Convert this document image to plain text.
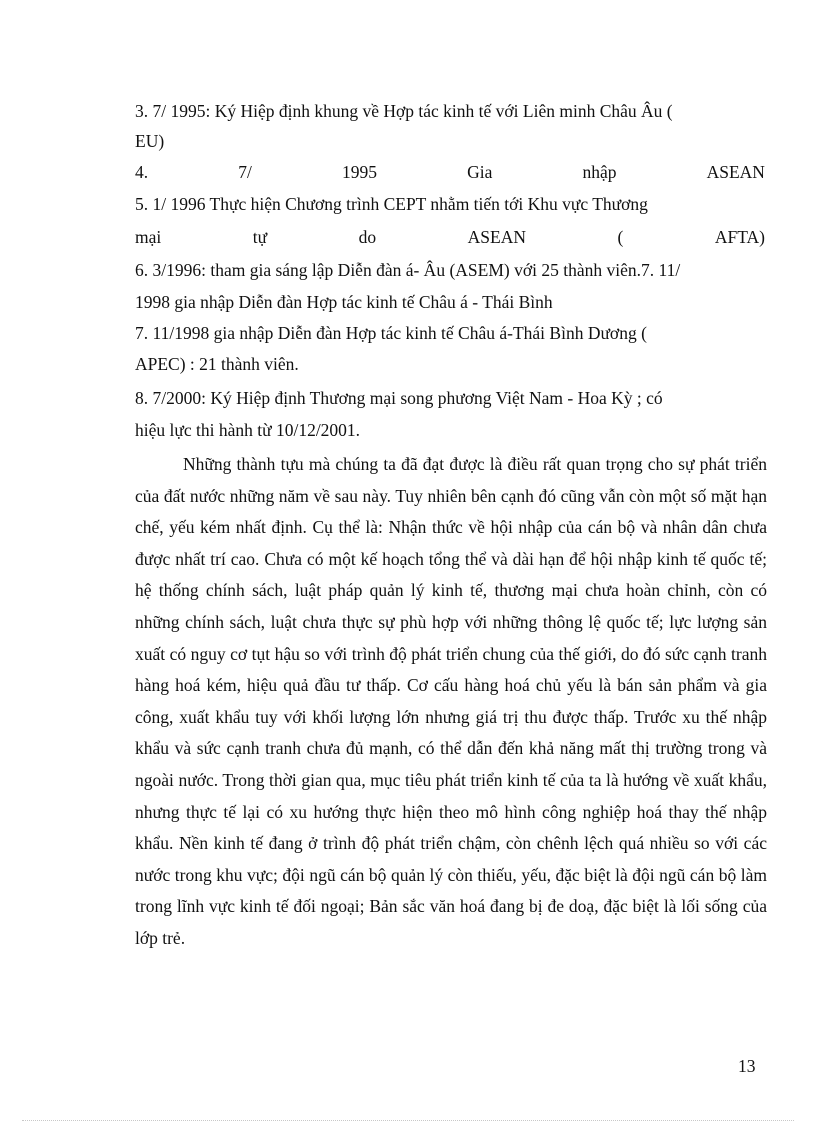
3. 7/ 1995: Ký Hiệp định khung về Hợp tác kinh tế với Liên minh Châu Âu (
EU)
4.	7/	1995	Gia	nhập	ASEAN
5. 1/ 1996 Thực hiện Chương trình CEPT nhằm tiến tới Khu vực Thương
mại	tự	do	ASEAN	(	AFTA)
6. 3/1996: tham gia sáng lập Diễn đàn á- Âu (ASEM) với 25 thành viên.7. 11/
1998 gia nhập Diễn đàn Hợp tác kinh tế Châu á - Thái Bình
7. 11/1998 gia nhập Diễn đàn Hợp tác kinh tế Châu á-Thái Bình Dương (
APEC) : 21 thành viên.
8. 7/2000: Ký Hiệp định Thương mại song phương Việt Nam - Hoa Kỳ ; có
hiệu lực thi hành từ 10/12/2001.
Những thành tựu mà chúng ta đã đạt được là điều rất quan trọng cho sự phát triển của đất nước những năm về sau này. Tuy nhiên bên cạnh đó cũng vẫn còn một số mặt hạn chế, yếu kém nhất định. Cụ thể là: Nhận thức về hội nhập của cán bộ và nhân dân chưa được nhất trí cao. Chưa có một kế hoạch tổng thể và dài hạn để hội nhập kinh tế quốc tế; hệ thống chính sách, luật pháp quản lý kinh tế, thương mại chưa hoàn chỉnh, còn có những chính sách, luật chưa thực sự phù hợp với những thông lệ quốc tế; lực lượng sản xuất có nguy cơ tụt hậu so với trình độ phát triển chung của thế giới, do đó sức cạnh tranh hàng hoá kém, hiệu quả đầu tư thấp. Cơ cấu hàng hoá chủ yếu là bán sản phẩm và gia công, xuất khẩu tuy với khối lượng lớn nhưng giá trị thu được thấp. Trước xu thế nhập khẩu và sức cạnh tranh chưa đủ mạnh, có thể dẫn đến khả năng mất thị trường trong và ngoài nước. Trong thời gian qua, mục tiêu phát triển kinh tế của ta là hướng về xuất khẩu, nhưng thực tế lại có xu hướng thực hiện theo mô hình công nghiệp hoá thay thế nhập khẩu. Nền kinh tế đang ở trình độ phát triển chậm, còn chênh lệch quá nhiều so với các nước trong khu vực; đội ngũ cán bộ quản lý còn thiếu, yếu, đặc biệt là đội ngũ cán bộ làm trong lĩnh vực kinh tế đối ngoại; Bản sắc văn hoá đang bị đe doạ, đặc biệt là lối sống của lớp trẻ.
13
